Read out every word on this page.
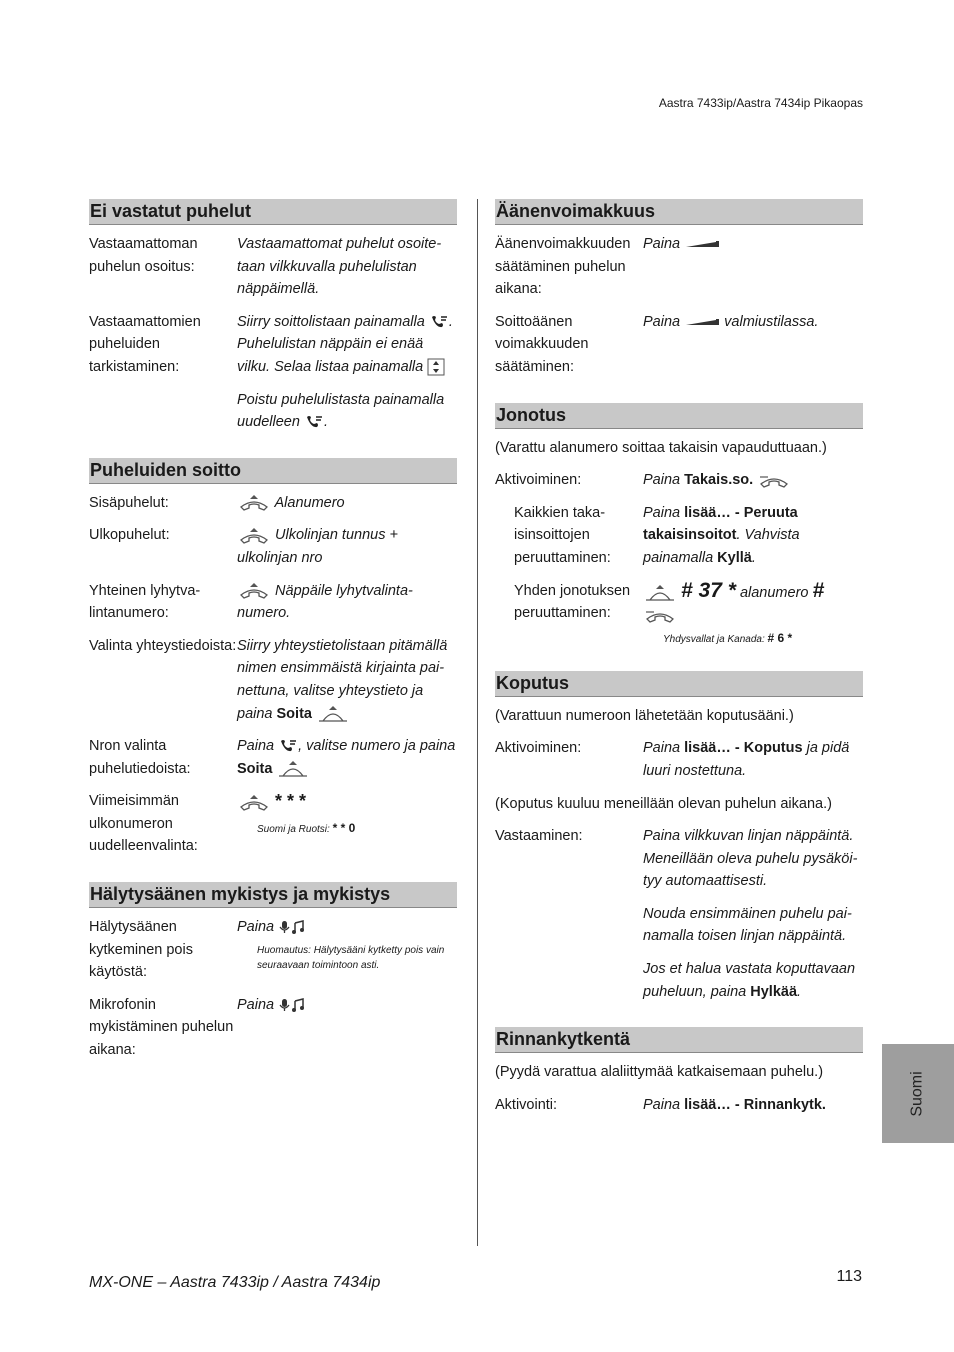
Aastra 7433ip/Aastra 7434ip Pikaopas
Ei vastatut puhelut
Vastaamattoman puhelun osoitus:
Vastaamattomat puhelut osoitetaan vilkkuvalla puhelulistan näppäimellä.
Vastaamattomien puheluiden tarkistaminen:
Siirry soittolistaan painamalla . Puhelulistan näppäin ei enää vilku. Selaa listaa painamalla
Poistu puhelulistasta painamalla uudelleen .
Puheluiden soitto
Sisäpuhelut:	Alanumero
Ulkopuhelut:	Ulkolinjan tunnus + ulkolinjan nro
Yhteinen lyhytvalintanumero:
Näppäile lyhytvalintanumero.
Valinta yhteystiedoista: Siirry yhteystietolistaan pitämällä nimen ensimmäistä kirjainta painettuna, valitse yhteystieto ja paina Soita
Nron valinta puhelutiedoista:
Paina , valitse numero ja paina Soita
Viimeisimmän ulkonumeron uudelleenvalinta:
* * *
Suomi ja Ruotsi: * * 0
Hälytysäänen mykistys ja mykistys
Hälytysäänen kytkeminen pois käytöstä:
Paina
Huomautus: Hälytysääni kytketty pois vain seuraavaan toimintoon asti.
Mikrofonin mykistäminen puhelun aikana:
Paina
Äänenvoimakkuus
Äänenvoimakkuuden säätäminen puhelun aikana:
Paina
Soittoäänen voimakkuuden säätäminen:
Paina	valmiustilassa.
Jonotus
(Varattu alanumero soittaa takaisin vapauduttuaan.)
Aktivoiminen:	Paina Takais.so.
Kaikkien takaisinsoittojen peruuttaminen:
Paina lisää… - Peruuta takaisinsoitot. Vahvista painamalla Kyllä.
Yhden jonotuksen peruuttaminen:
# 37 * alanumero #

Yhdysvallat ja Kanada: # 6 *
Koputus
(Varattuun numeroon lähetetään koputusääni.)
Aktivoiminen:	Paina lisää… - Koputus ja pidä luuri nostettuna.
(Koputus kuuluu meneillään olevan puhelun aikana.)
Vastaaminen:	Paina vilkkuvan linjan näppäintä. Meneillään oleva puhelu pysäköityy automaattisesti.
Nouda ensimmäinen puhelu painamalla toisen linjan näppäintä.
Jos et halua vastata koputtavaan puheluun, paina Hylkää.
Rinnankytkentä
(Pyydä varattua alaliittymää katkaisemaan puhelu.)
Aktivointi:	Paina lisää… - Rinnankytk.
MX-ONE – Aastra 7433ip / Aastra 7434ip	113
Suomi
